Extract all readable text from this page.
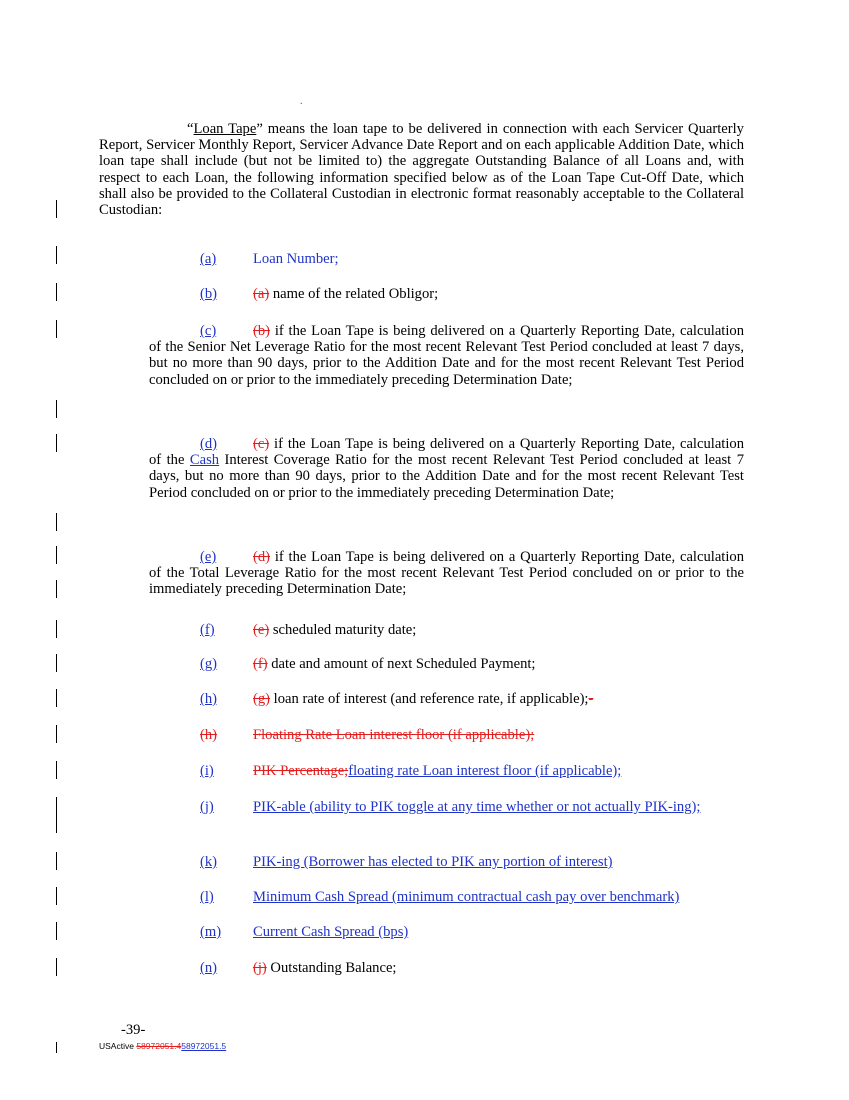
.
“Loan Tape” means the loan tape to be delivered in connection with each Servicer Quarterly Report, Servicer Monthly Report, Servicer Advance Date Report and on each applicable Addition Date, which loan tape shall include (but not be limited to) the aggregate Outstanding Balance of all Loans and, with respect to each Loan, the following information specified below as of the Loan Tape Cut-Off Date, which shall also be provided to the Collateral Custodian in electronic format reasonably acceptable to the Collateral Custodian:
(a)	Loan Number;
(b) (a) name of the related Obligor;
(c)	(b) if the Loan Tape is being delivered on a Quarterly Reporting Date, calculation of the Senior Net Leverage Ratio for the most recent Relevant Test Period concluded at least 7 days, but no more than 90 days, prior to the Addition Date and for the most recent Relevant Test Period concluded on or prior to the immediately preceding Determination Date;
(d) (c) if the Loan Tape is being delivered on a Quarterly Reporting Date, calculation of the Cash Interest Coverage Ratio for the most recent Relevant Test Period concluded at least 7 days, but no more than 90 days, prior to the Addition Date and for the most recent Relevant Test Period concluded on or prior to the immediately preceding Determination Date;
(e)	(d) if the Loan Tape is being delivered on a Quarterly Reporting Date, calculation of the Total Leverage Ratio for the most recent Relevant Test Period concluded on or prior to the immediately preceding Determination Date;
(f)	(e) scheduled maturity date;
(g) (f) date and amount of next Scheduled Payment;
(h) (g) loan rate of interest (and reference rate, if applicable);-
(h) Floating Rate Loan interest floor (if applicable);
(i)	PIK Percentage;floating rate Loan interest floor (if applicable);
(j)	PIK-able (ability to PIK toggle at any time whether or not actually PIK-ing);
(k) PIK-ing (Borrower has elected to PIK any portion of interest)
(l)	Minimum Cash Spread (minimum contractual cash pay over benchmark)
(m) Current Cash Spread (bps)
(n) (j) Outstanding Balance;
-39-
USActive 58972051.458972051.5
